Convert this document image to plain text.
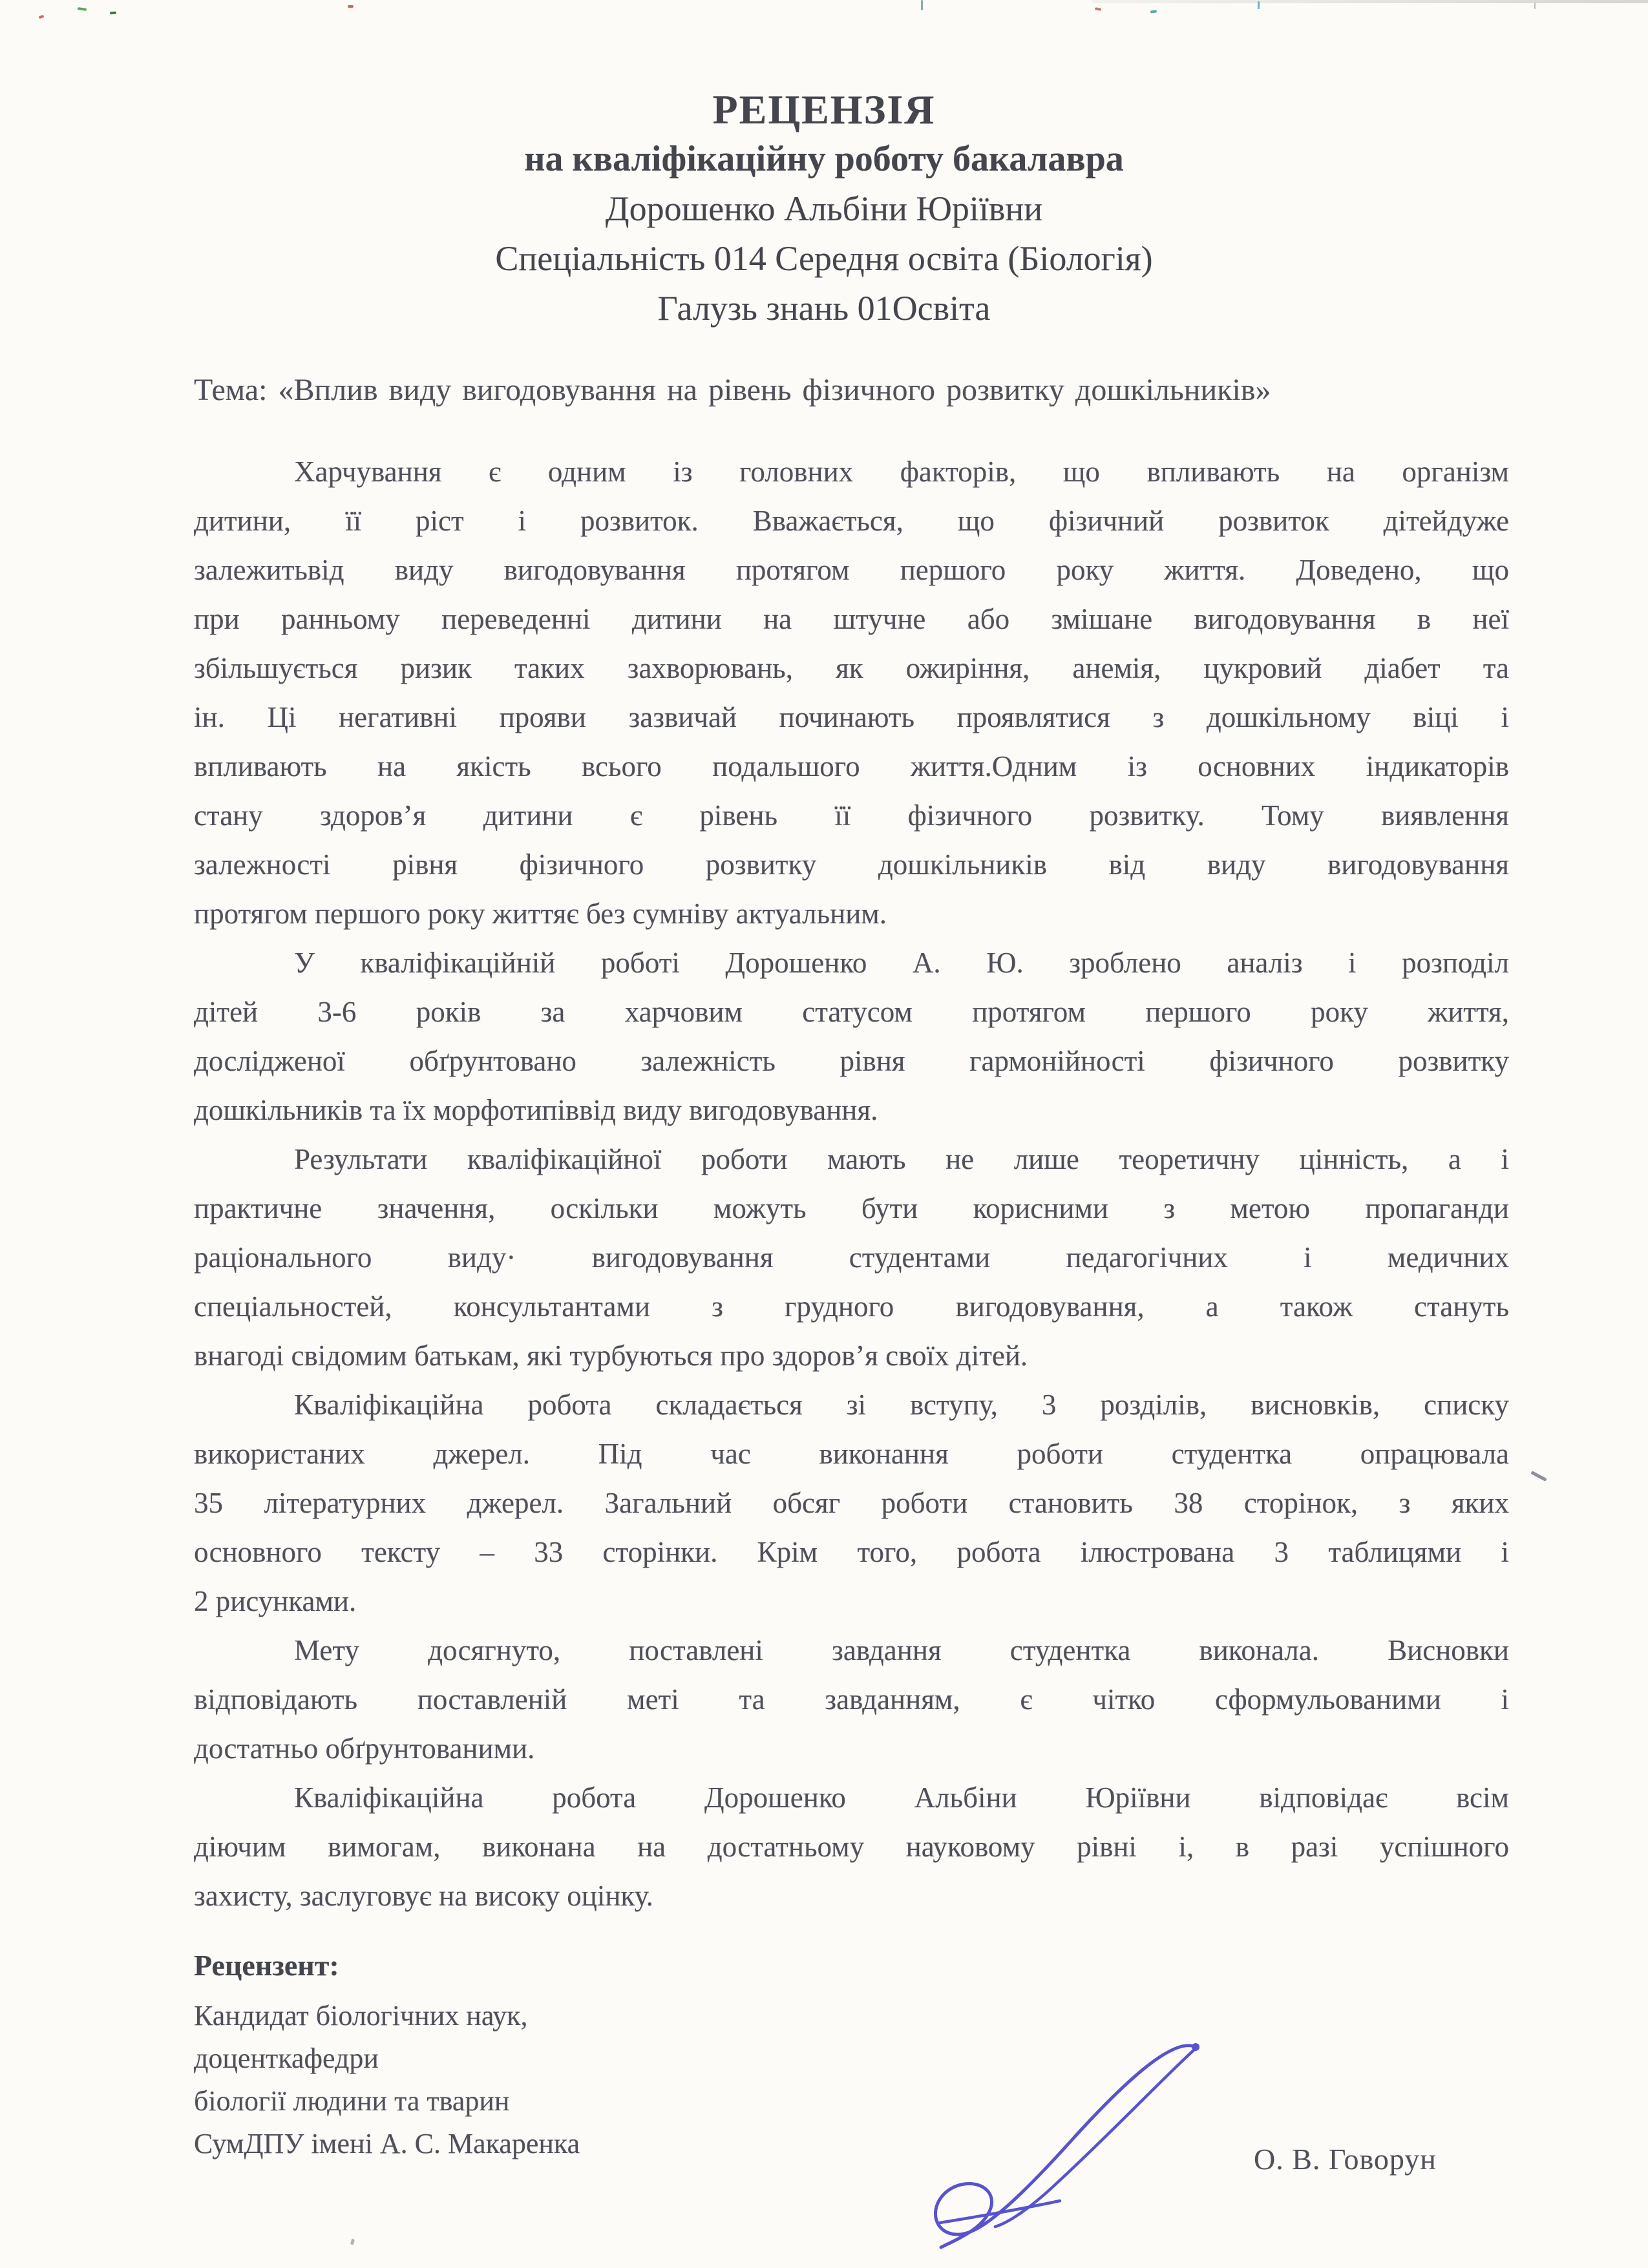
РЕЦЕНЗІЯ
на кваліфікаційну роботу бакалавра
Дорошенко Альбіни Юріївни
Спеціальність 014 Середня освіта (Біологія)
Галузь знань 01Освіта
Тема: «Вплив виду вигодовування на рівень фізичного розвитку дошкільників»
Харчування є одним із головних факторів, що впливають на організм
дитини, її ріст і розвиток. Вважається, що фізичний розвиток дітейдуже
залежитьвід виду вигодовування протягом першого року життя. Доведено, що
при ранньому переведенні дитини на штучне або змішане вигодовування в неї
збільшується ризик таких захворювань, як ожиріння, анемія, цукровий діабет та
ін. Ці негативні прояви зазвичай починають проявлятися з дошкільному віці і
впливають на якість всього подальшого життя.Одним із основних індикаторів
стану здоров’я дитини є рівень її фізичного розвитку. Тому виявлення
залежності рівня фізичного розвитку дошкільників від виду вигодовування
протягом першого року життяє без сумніву актуальним.
У кваліфікаційній роботі Дорошенко А. Ю. зроблено аналіз і розподіл
дітей 3-6 років за харчовим статусом протягом першого року життя,
дослідженої обґрунтовано залежність рівня гармонійності фізичного розвитку
дошкільників та їх морфотипіввід виду вигодовування.
Результати кваліфікаційної роботи мають не лише теоретичну цінність, а і
практичне значення, оскільки можуть бути корисними з метою пропаганди
раціонального виду· вигодовування студентами педагогічних і медичних
спеціальностей, консультантами з грудного вигодовування, а також стануть
внагоді свідомим батькам, які турбуються про здоров’я своїх дітей.
Кваліфікаційна робота складається зі вступу, 3 розділів, висновків, списку
використаних джерел. Під час виконання роботи студентка опрацювала
35 літературних джерел. Загальний обсяг роботи становить 38 сторінок, з яких
основного тексту – 33 сторінки. Крім того, робота ілюстрована 3 таблицями і
2 рисунками.
Мету досягнуто, поставлені завдання студентка виконала. Висновки
відповідають поставленій меті та завданням, є чітко сформульованими і
достатньо обґрунтованими.
Кваліфікаційна робота Дорошенко Альбіни Юріївни відповідає всім
діючим вимогам, виконана на достатньому науковому рівні і, в разі успішного
захисту, заслуговує на високу оцінку.
Рецензент:
Кандидат біологічних наук,
доценткафедри
біології людини та тварин
СумДПУ імені А. С. Макаренка	О. В. Говорун
